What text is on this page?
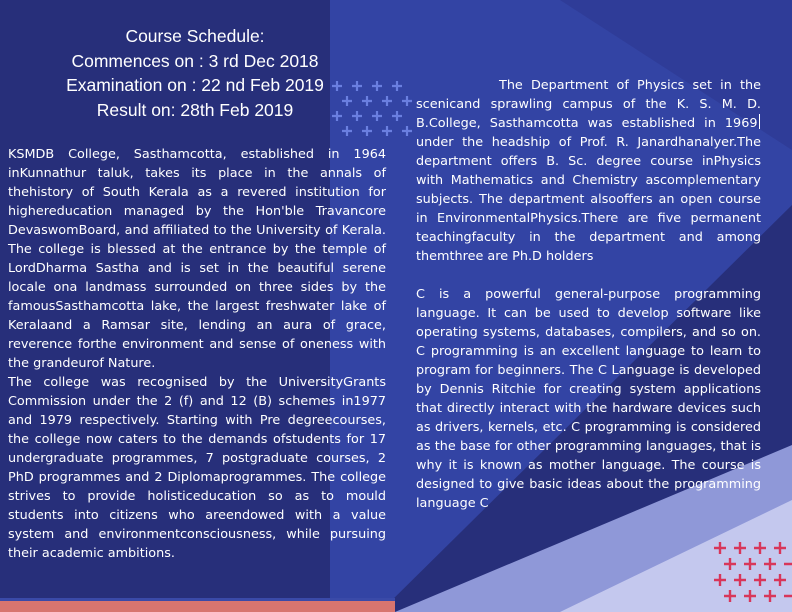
Course Schedule:
Commences on : 3 rd Dec 2018
Examination on : 22 nd Feb 2019
Result on: 28th Feb 2019

KSMDB College, Sasthamcotta, established in 1964 inKunnathur taluk, takes its place in the annals of thehistory of South Kerala as a revered institution for highereducation managed by the Hon'ble Travancore DevaswomBoard, and affiliated to the University of Kerala. The college is blessed at the entrance by the temple of LordDharma Sastha and is set in the beautiful serene locale ona landmass surrounded on three sides by the famousSasthamcotta lake, the largest freshwater lake of Keralaand a Ramsar site, lending an aura of grace, reverence forthe environment and sense of oneness with the grandeurof Nature.

The college was recognised by the UniversityGrants Commission under the 2 (f) and 12 (B) schemes in1977 and 1979 respectively. Starting with Pre degreecourses, the college now caters to the demands ofstudents for 17 undergraduate programmes, 7 postgraduate courses, 2 PhD programmes and 2 Diplomaprogrammes. The college strives to provide holisticeducation so as to mould students into citizens who areendowed with a value system and environmentconsciousness, while pursuing their academic ambitions.

The Department of Physics set in the scenicand sprawling campus of the K. S. M. D. B.College, Sasthamcotta was established in 1969under the headship of Prof. R. Janardhanalyer.The department offers B. Sc. degree course inPhysics with Mathematics and Chemistry ascomplementary subjects. The department alsooffers an open course in EnvironmentalPhysics.There are five permanent teachingfaculty in the department and among themthree are Ph.D holders

C is a powerful general-purpose programming language. It can be used to develop software like operating systems, databases, compilers, and so on. C programming is an excellent language to learn to program for beginners. The C Language is developed by Dennis Ritchie for creating system applications that directly interact with the hardware devices such as drivers, kernels, etc. C programming is considered as the base for other programming languages, that is why it is known as mother language. The course is designed to give basic ideas about the programming language C
